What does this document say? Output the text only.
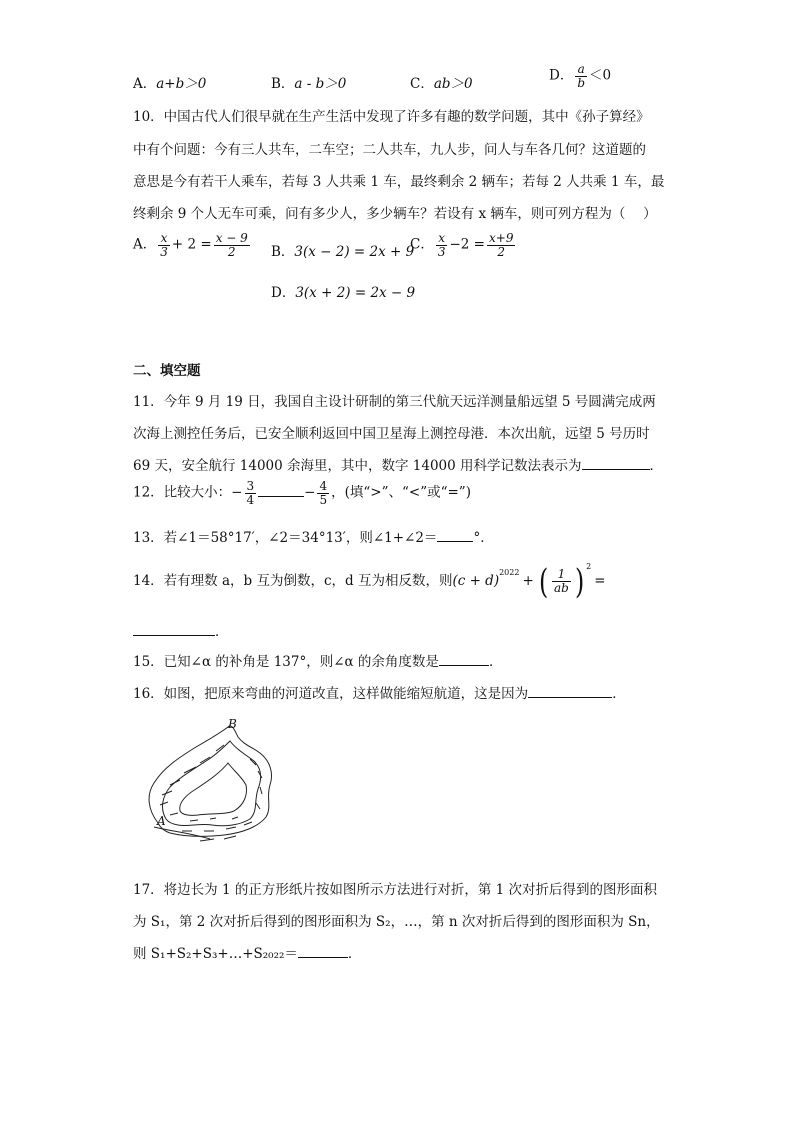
A．a+b＞0	B．a - b＞0	C．ab＞0
D． $\frac{a}{b} <0$
10．中国古代人们很早就在生产生活中发现了许多有趣的数学问题，其中《孙子算经》
中有个问题：今有三人共车，二车空；二人共车，九人步，问人与车各几何？这道题的
意思是今有若干人乘车，若每 3 人共乘 1 车，最终剩余 2 辆车；若每 2 人共乘 1 车，最
终剩余 9 个人无车可乘，问有多少人，多少辆车？若设有 x 辆车，则可列方程为（　 ）
A． $\frac{x}{3} + 2 = \frac{x - 9}{2}$ B．3(x − 2) = 2x + 9
C． $\frac{x}{3} -2 = \frac{x+9}{2}$
D．3(x + 2) = 2x − 9
二、填空题
11．今年 9 月 19 日，我国自主设计研制的第三代航天远洋测量船远望 5 号圆满完成两
次海上测控任务后，已安全顺利返回中国卫星海上测控母港．本次出航，远望 5 号历时
69 天，安全航行 14000 余海里，其中，数字 14000 用科学记数法表示为	．
12．比较大小：− $\frac{3}{4}$	− $\frac{4}{5}$ ，(填“>”、“<”或“=”)
13．若∠1＝58°17′，∠2＝34°13′，则∠1+∠2＝	°．
14．若有理数 a，b 互为倒数，c，d 互为相反数，则$(c + d)^{2022}+$ ( $\frac{1}{ab}$ ) $^2$=
．
15．已知∠α 的补角是 137°，则∠α 的余角度数是	．
16．如图，把原来弯曲的河道改直，这样做能缩短航道，这是因为	．
B
A
17．将边长为 1 的正方形纸片按如图所示方法进行对折，第 1 次对折后得到的图形面积
为 S₁，第 2 次对折后得到的图形面积为 S₂，…，第 n 次对折后得到的图形面积为 Sn，
则 S₁+S₂+S₃+…+S₂₀₂₂＝	．
